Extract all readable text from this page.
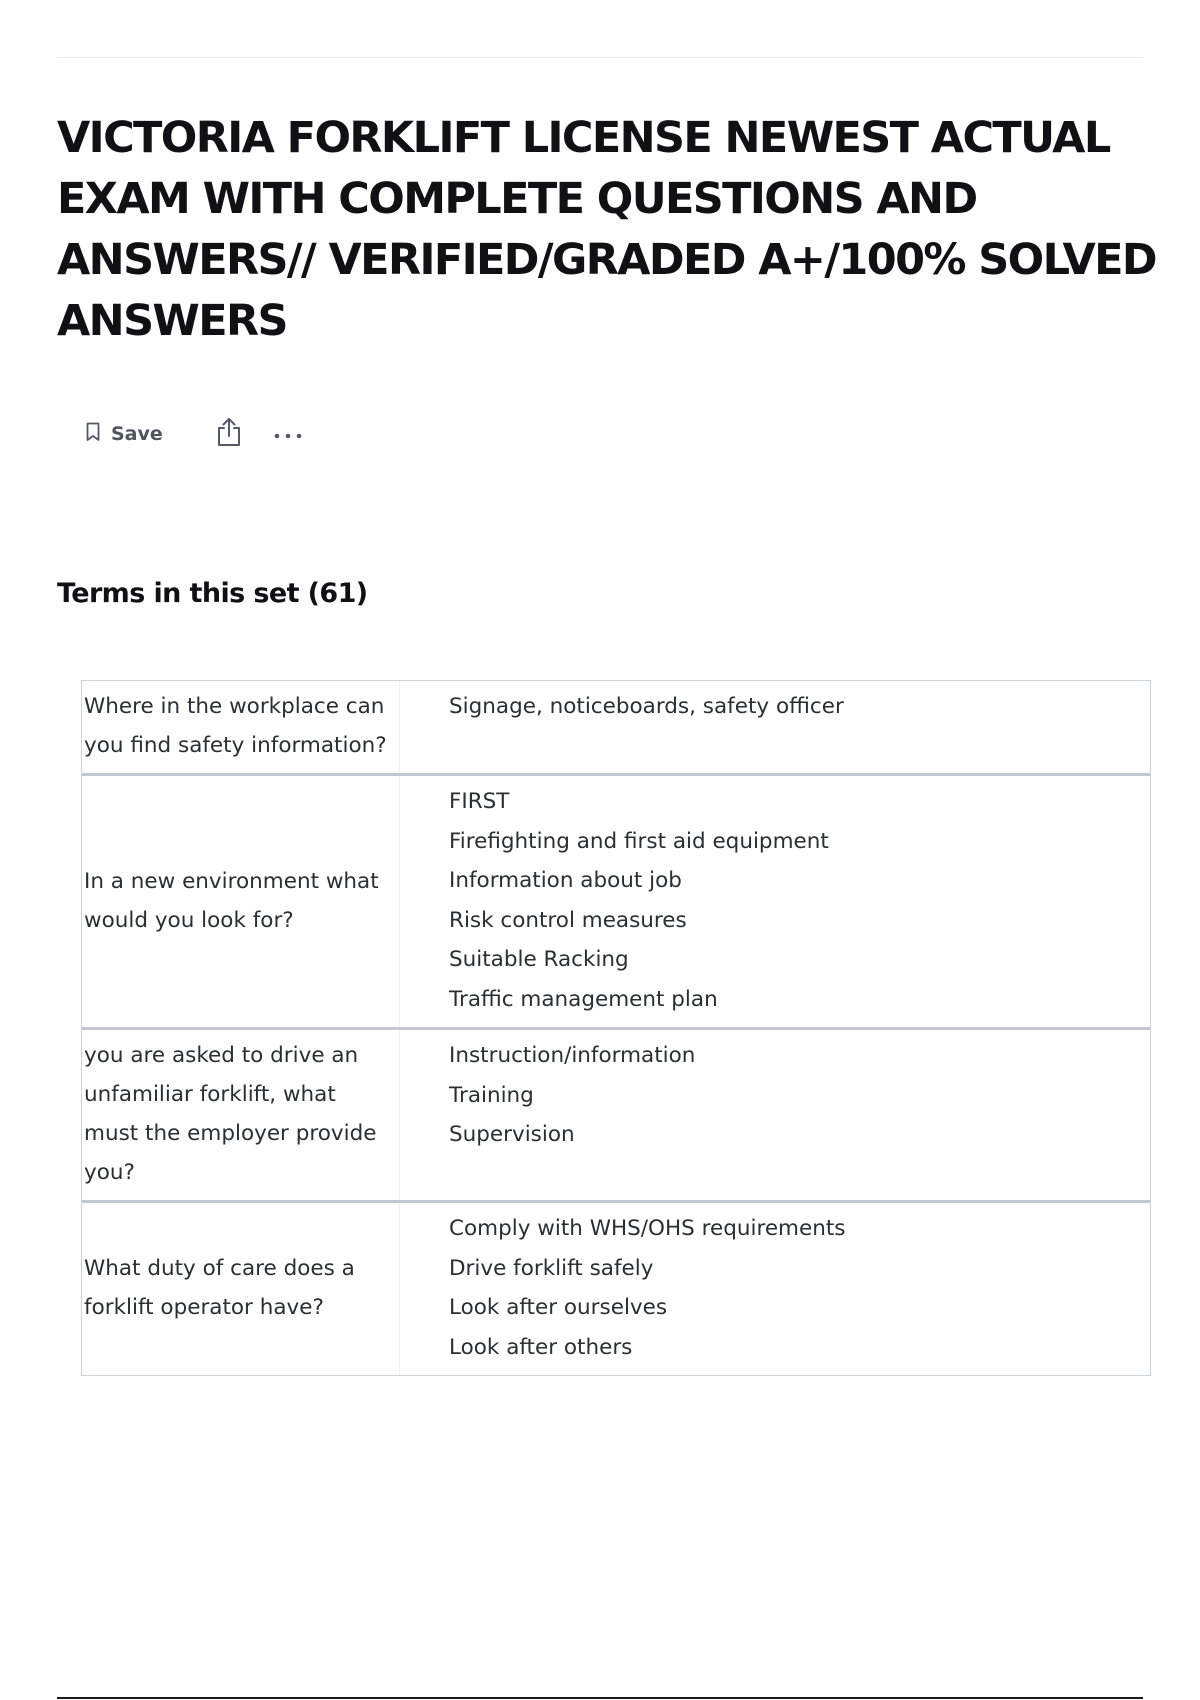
VICTORIA FORKLIFT LICENSE NEWEST ACTUAL EXAM WITH COMPLETE QUESTIONS AND ANSWERS// VERIFIED/GRADED A+/100% SOLVED ANSWERS
Save
Terms in this set (61)
Where in the workplace can you find safety information?
Signage, noticeboards, safety officer
In a new environment what would you look for?
FIRST
Firefighting and first aid equipment
Information about job
Risk control measures
Suitable Racking
Traffic management plan
you are asked to drive an unfamiliar forklift, what must the employer provide you?
Instruction/information
Training
Supervision
What duty of care does a forklift operator have?
Comply with WHS/OHS requirements
Drive forklift safely
Look after ourselves
Look after others
